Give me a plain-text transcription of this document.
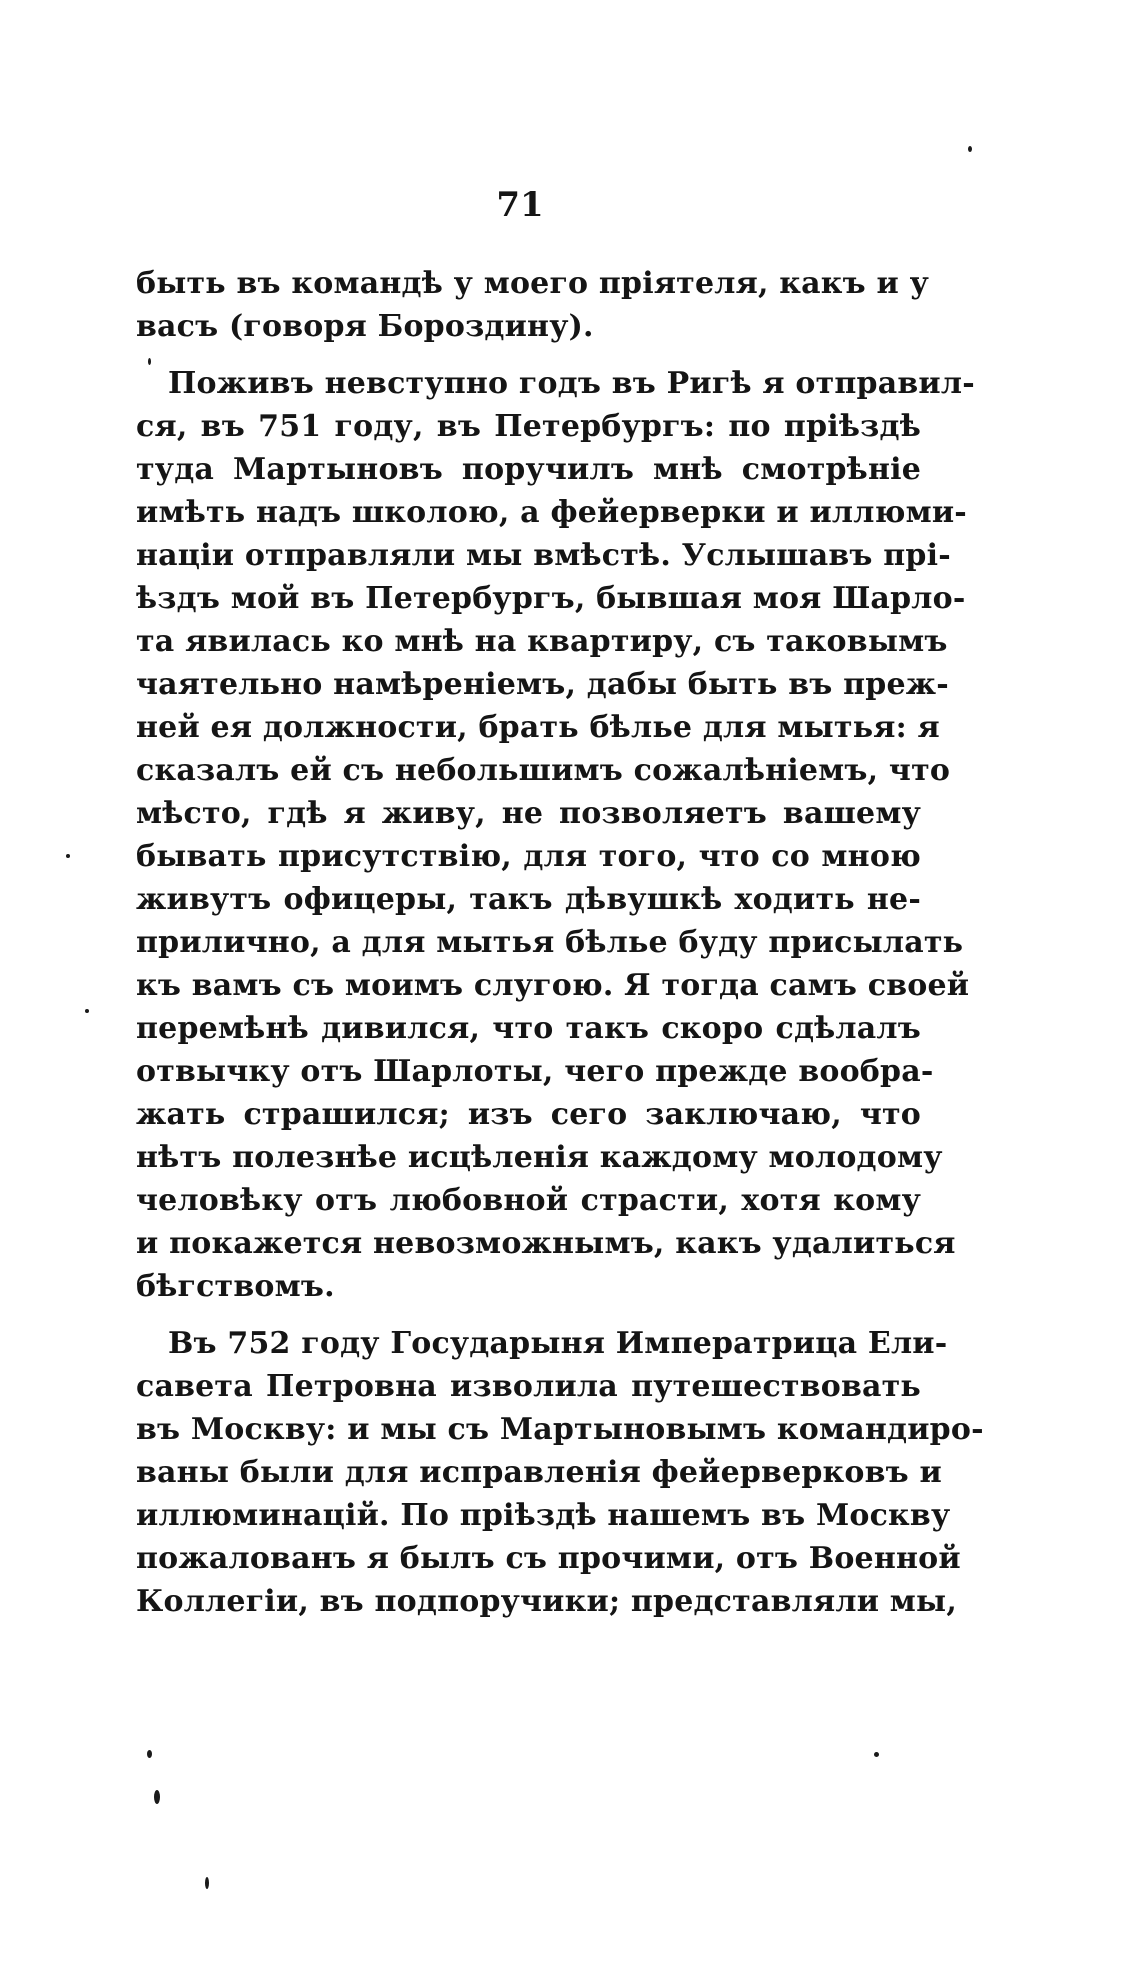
71
быть въ командѣ у моего пріятеля, какъ и у
васъ (говоря Бороздину).
Поживъ невступно годъ въ Ригѣ я отправил-
ся, въ 751 году, въ Петербургъ: по пріѣздѣ
туда Мартыновъ поручилъ мнѣ смотрѣніе
имѣть надъ школою, а фейерверки и иллюми-
націи отправляли мы вмѣстѣ. Услышавъ прі-
ѣздъ мой въ Петербургъ, бывшая моя Шарло-
та явилась ко мнѣ на квартиру, съ таковымъ
чаятельно намѣреніемъ, дабы быть въ преж-
ней ея должности, брать бѣлье для мытья: я
сказалъ ей съ небольшимъ сожалѣніемъ, что
мѣсто, гдѣ я живу, не позволяетъ вашему
бывать присутствію, для того, что со мною
живутъ офицеры, такъ дѣвушкѣ ходить не-
прилично, а для мытья бѣлье буду присылать
къ вамъ съ моимъ слугою. Я тогда самъ своей
перемѣнѣ дивился, что такъ скоро сдѣлалъ
отвычку отъ Шарлоты, чего прежде вообра-
жать страшился; изъ сего заключаю, что
нѣтъ полезнѣе исцѣленія каждому молодому
человѣку отъ любовной страсти, хотя кому
и покажется невозможнымъ, какъ удалиться
бѣгствомъ.
Въ 752 году Государыня Императрица Ели-
савета Петровна изволила путешествовать
въ Москву: и мы съ Мартыновымъ командиро-
ваны были для исправленія фейерверковъ и
иллюминацій. По пріѣздѣ нашемъ въ Москву
пожалованъ я былъ съ прочими, отъ Военной
Коллегіи, въ подпоручики; представляли мы,
